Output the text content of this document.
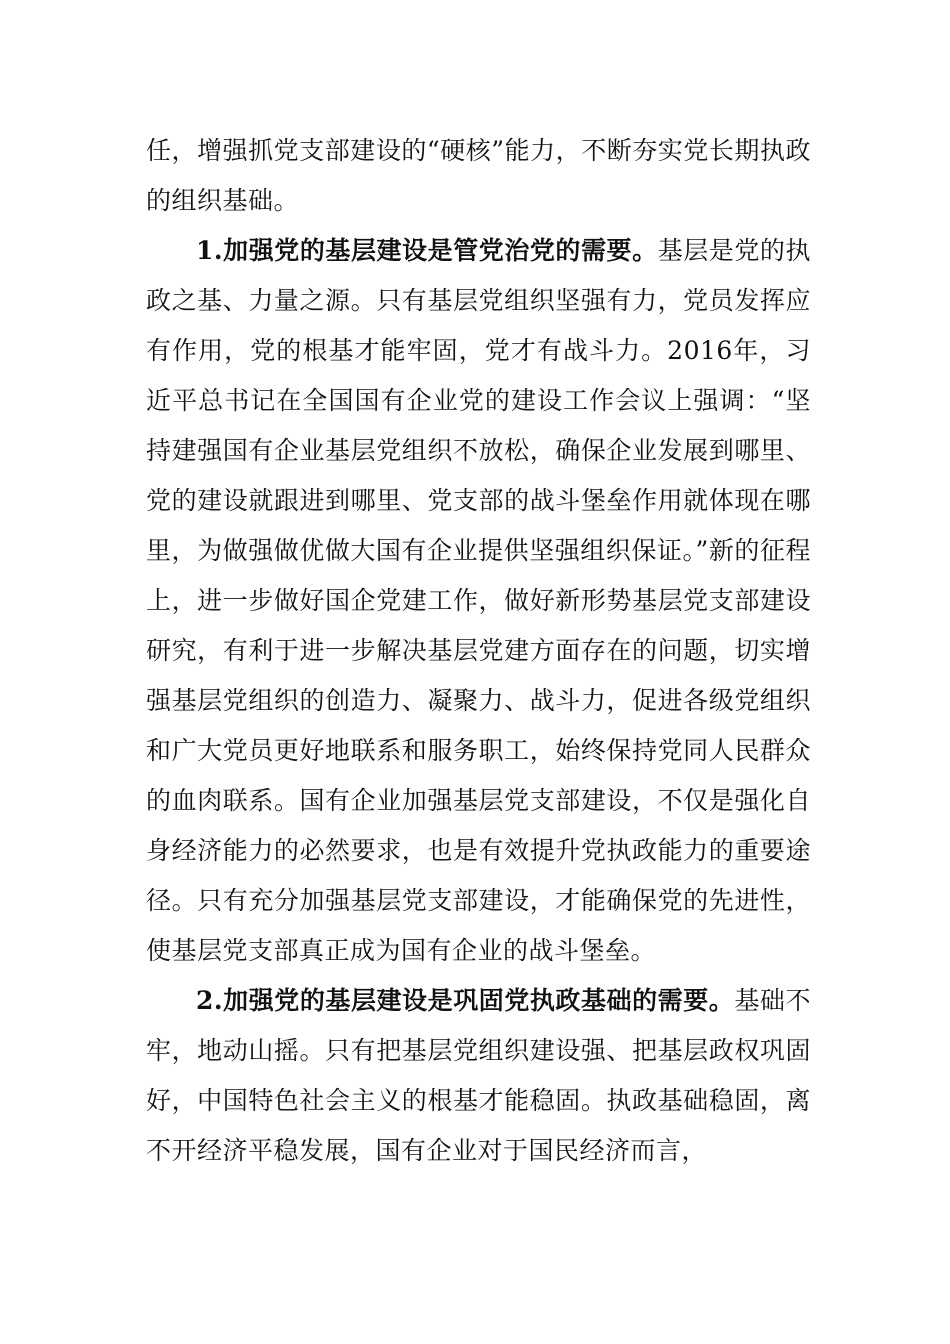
任，增强抓党支部建设的“硬核”能力，不断夯实党长期执政的组织基础。

1.加强党的基层建设是管党治党的需要。基层是党的执政之基、力量之源。只有基层党组织坚强有力，党员发挥应有作用，党的根基才能牢固，党才有战斗力。2016年，习近平总书记在全国国有企业党的建设工作会议上强调：“坚持建强国有企业基层党组织不放松，确保企业发展到哪里、党的建设就跟进到哪里、党支部的战斗堡垒作用就体现在哪里，为做强做优做大国有企业提供坚强组织保证。”新的征程上，进一步做好国企党建工作，做好新形势基层党支部建设研究，有利于进一步解决基层党建方面存在的问题，切实增强基层党组织的创造力、凝聚力、战斗力，促进各级党组织和广大党员更好地联系和服务职工，始终保持党同人民群众的血肉联系。国有企业加强基层党支部建设，不仅是强化自身经济能力的必然要求，也是有效提升党执政能力的重要途径。只有充分加强基层党支部建设，才能确保党的先进性，使基层党支部真正成为国有企业的战斗堡垒。

2.加强党的基层建设是巩固党执政基础的需要。基础不牢，地动山摇。只有把基层党组织建设强、把基层政权巩固好，中国特色社会主义的根基才能稳固。执政基础稳固，离不开经济平稳发展，国有企业对于国民经济而言，
